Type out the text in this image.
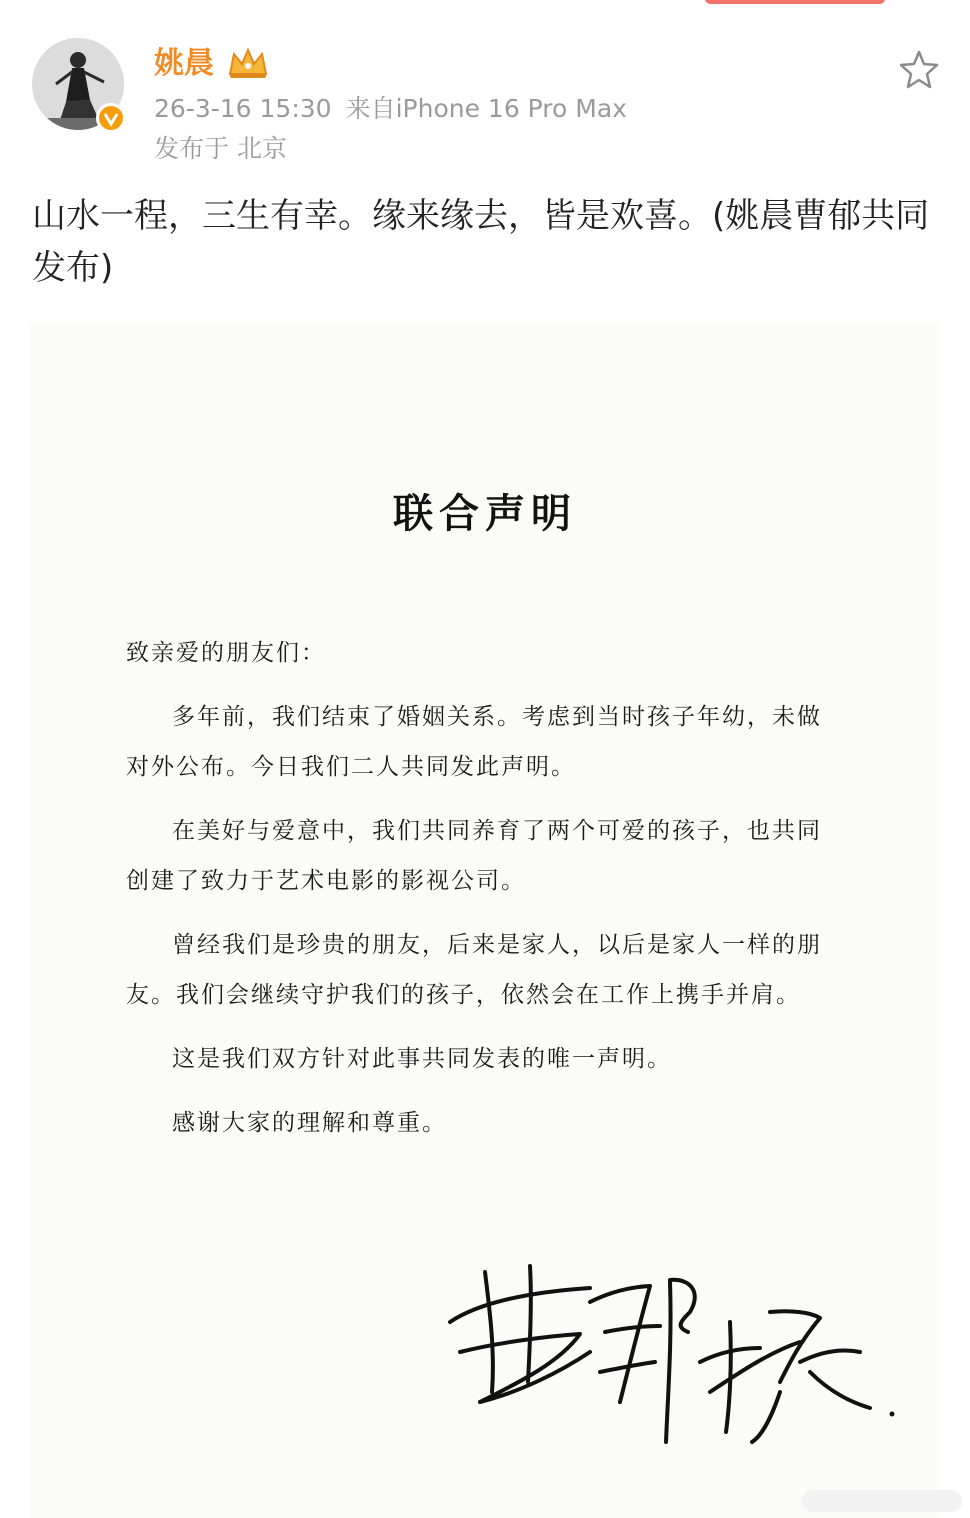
姚晨
26-3-16 15:30 来自iPhone 16 Pro Max
发布于 北京
山水一程，三生有幸。缘来缘去，皆是欢喜。(姚晨曹郁共同发布)
联合声明

致亲爱的朋友们：

多年前，我们结束了婚姻关系。考虑到当时孩子年幼，未做对外公布。今日我们二人共同发此声明。

在美好与爱意中，我们共同养育了两个可爱的孩子，也共同创建了致力于艺术电影的影视公司。

曾经我们是珍贵的朋友，后来是家人，以后是家人一样的朋友。我们会继续守护我们的孩子，依然会在工作上携手并肩。

这是我们双方针对此事共同发表的唯一声明。

感谢大家的理解和尊重。
